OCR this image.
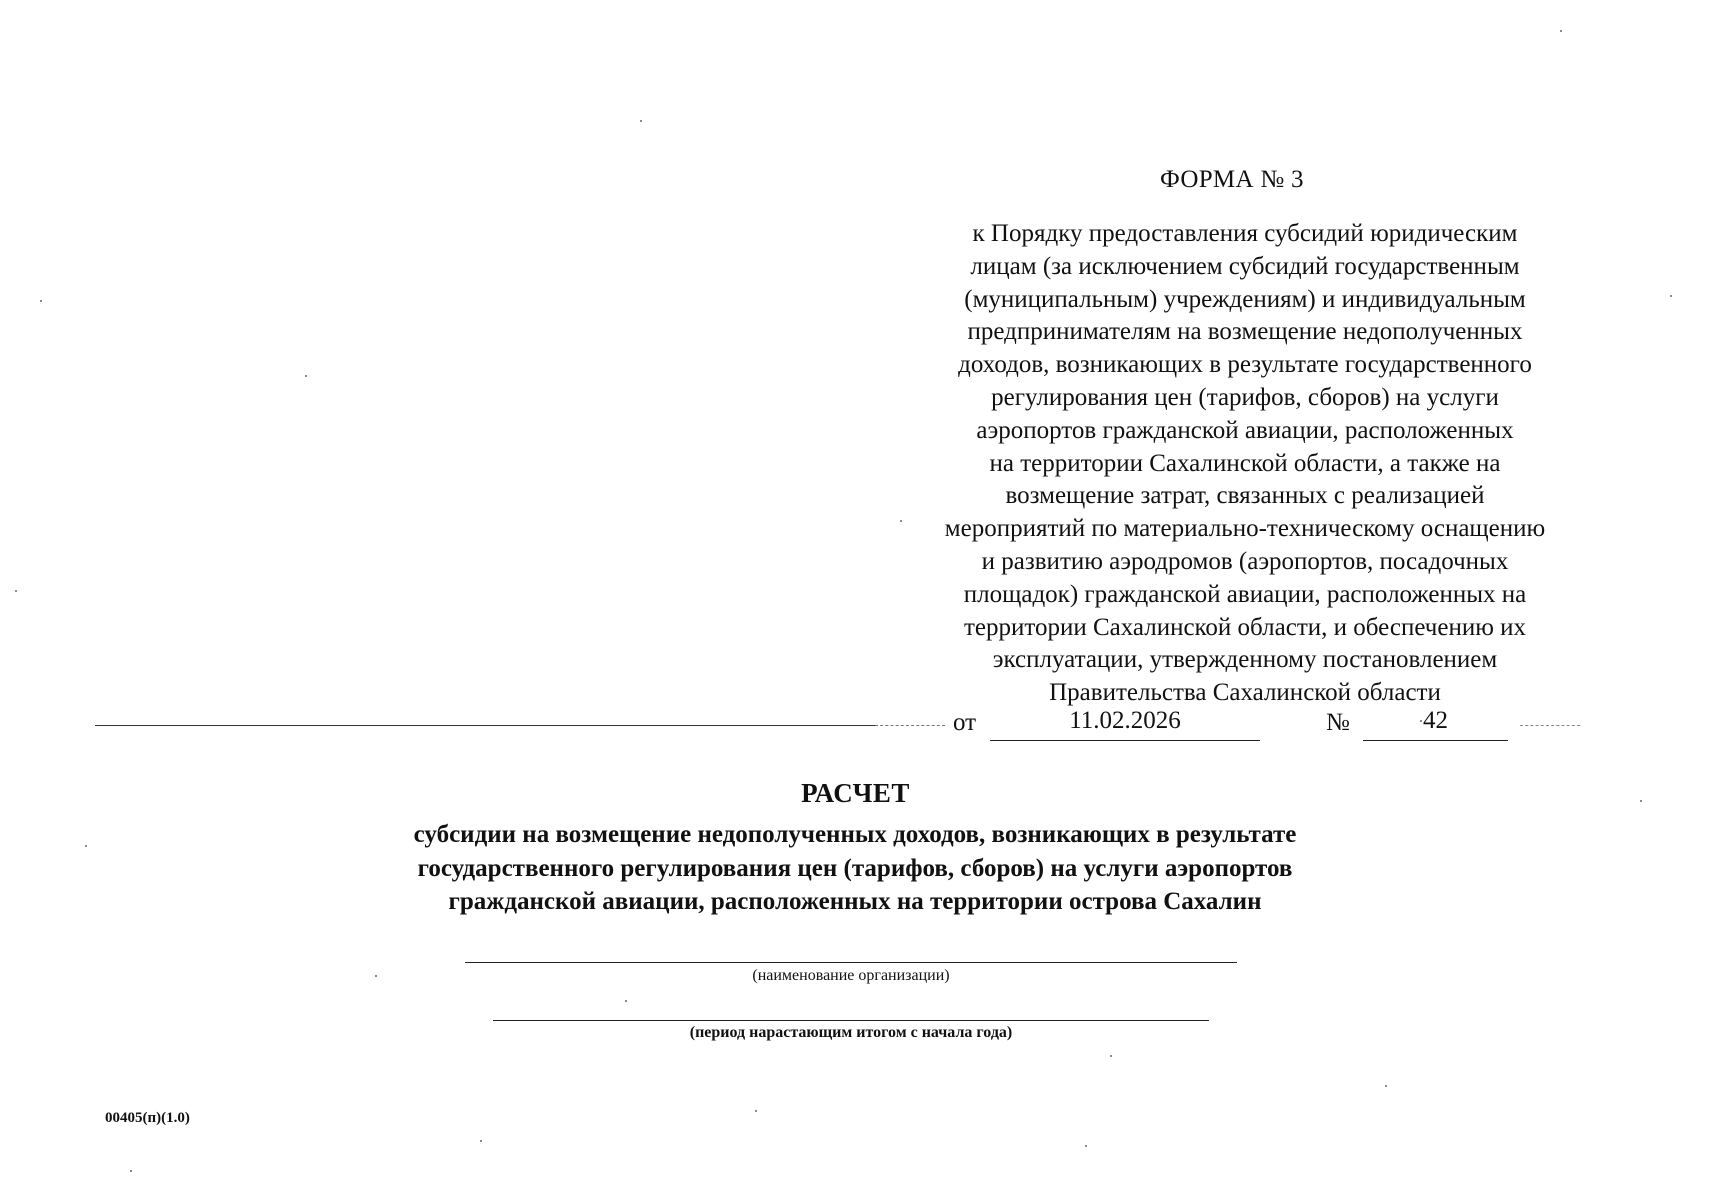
ФОРМА № 3
к Порядку предоставления субсидий юридическим
лицам (за исключением субсидий государственным
(муниципальным) учреждениям) и индивидуальным
предпринимателям на возмещение недополученных
доходов, возникающих в результате государственного
регулирования цен (тарифов, сборов) на услуги
аэропортов гражданской авиации, расположенных
на территории Сахалинской области, а также на
возмещение затрат, связанных с реализацией
мероприятий по материально-техническому оснащению
и развитию аэродромов (аэропортов, посадочных
площадок) гражданской авиации, расположенных на
территории Сахалинской области, и обеспечению их
эксплуатации, утвержденному постановлением
Правительства Сахалинской области
от	11.02.2026	№	42
РАСЧЕТ
субсидии на возмещение недополученных доходов, возникающих в результате
государственного регулирования цен (тарифов, сборов) на услуги аэропортов
гражданской авиации, расположенных на территории острова Сахалин
(наименование организации)
(период нарастающим итогом с начала года)
00405(п)(1.0)
